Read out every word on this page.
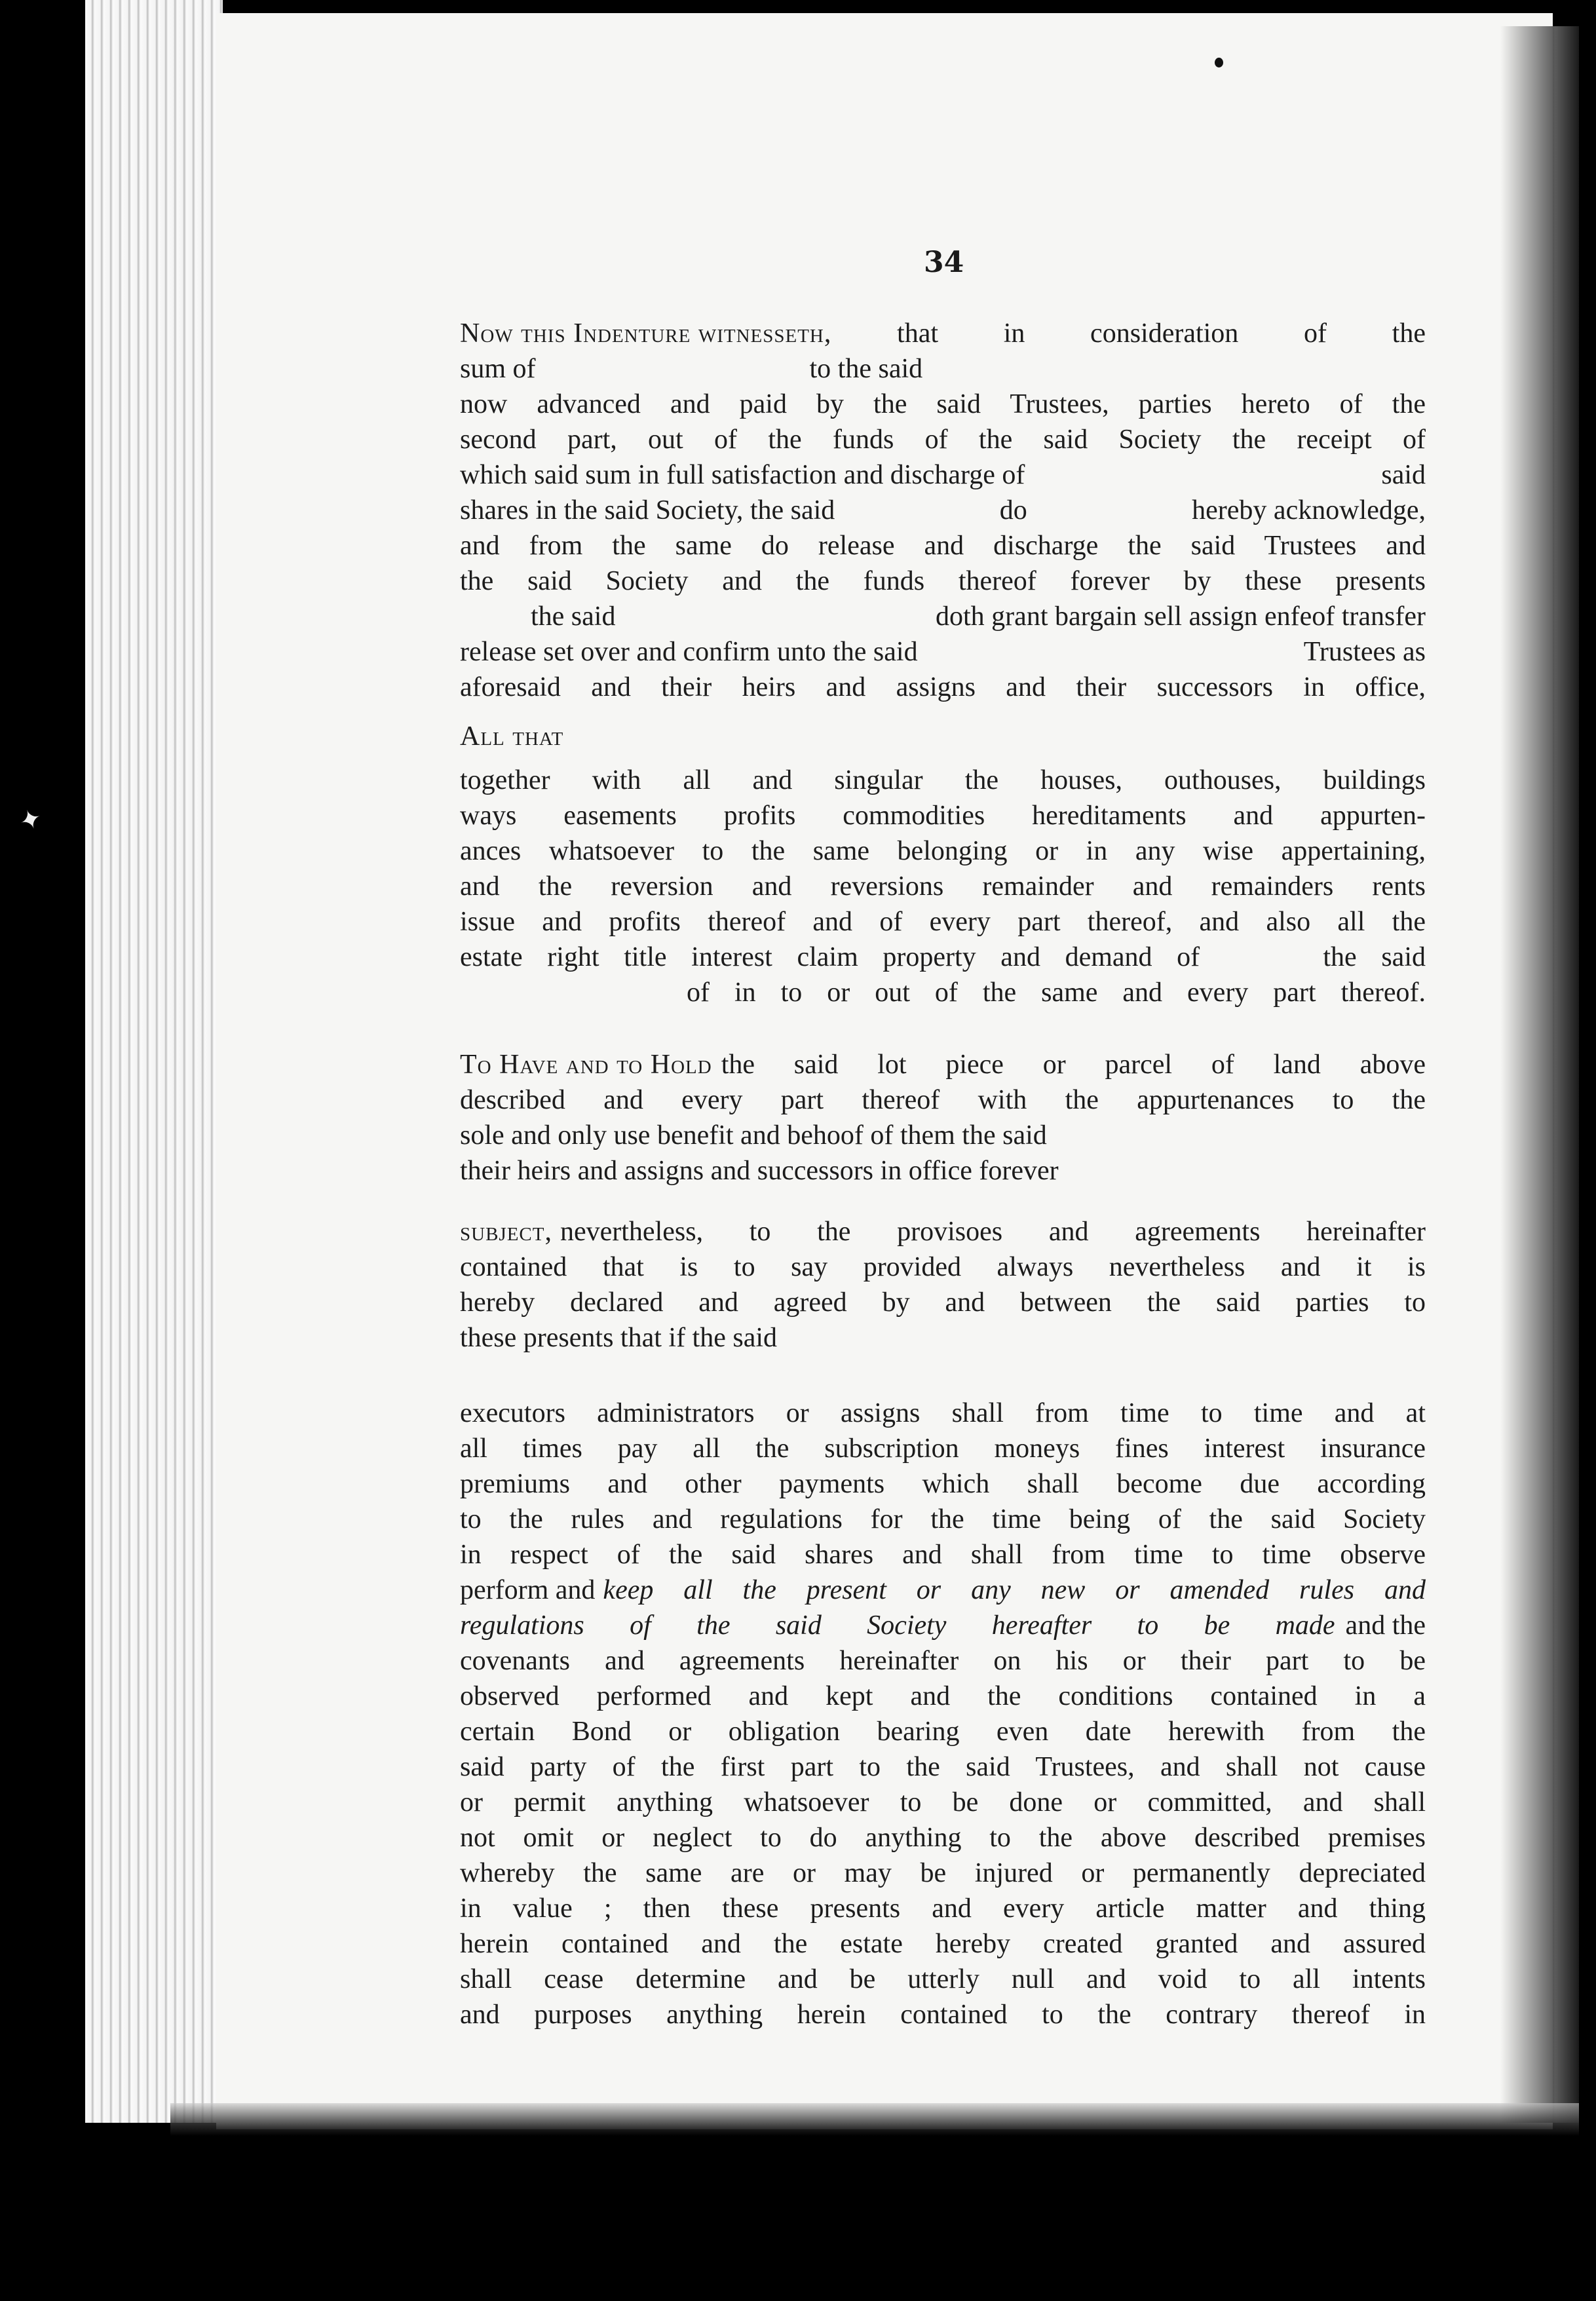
✦
34
Now this Indenture witnesseth, that in consideration of the
sum of	to the said
now advanced and paid by the said Trustees, parties hereto of the
second part, out of the funds of the said Society the receipt of
which said sum in full satisfaction and discharge of	said
shares in the said Society, the said	do	hereby acknowledge,
and from the same do release and discharge the said Trustees and
the said Society and the funds thereof forever by these presents
the said	doth grant bargain sell assign enfeof transfer
release set over and confirm unto the said	Trustees as
aforesaid and their heirs and assigns and their successors in office,
All that
together with all and singular the houses, outhouses, buildings
ways easements profits commodities hereditaments and appurten-
ances whatsoever to the same belonging or in any wise appertaining,
and the reversion and reversions remainder and remainders rents
issue and profits thereof and of every part thereof, and also all the
estate right title interest claim property and demand of     the said
of in to or out of the same and every part thereof.
To Have and to Hold the said lot piece or parcel of land above
described and every part thereof with the appurtenances to the
sole and only use benefit and behoof of them the said
their heirs and assigns and successors in office forever
subject, nevertheless, to the provisoes and agreements hereinafter
contained that is to say provided always nevertheless and it is
hereby declared and agreed by and between the said parties to
these presents that if the said
executors administrators or assigns shall from time to time and at
all times pay all the subscription moneys fines interest insurance
premiums and other payments which shall become due according
to the rules and regulations for the time being of the said Society
in respect of the said shares and shall from time to time observe
perform and keep all the present or any new or amended rules and
regulations of the said Society hereafter to be made and the
covenants and agreements hereinafter on his or their part to be
observed performed and kept and the conditions contained in a
certain Bond or obligation bearing even date herewith from the
said party of the first part to the said Trustees, and shall not cause
or permit anything whatsoever to be done or committed, and shall
not omit or neglect to do anything to the above described premises
whereby the same are or may be injured or permanently depreciated
in value ; then these presents and every article matter and thing
herein contained and the estate hereby created granted and assured
shall cease determine and be utterly null and void to all intents
and purposes anything herein contained to the contrary thereof in
